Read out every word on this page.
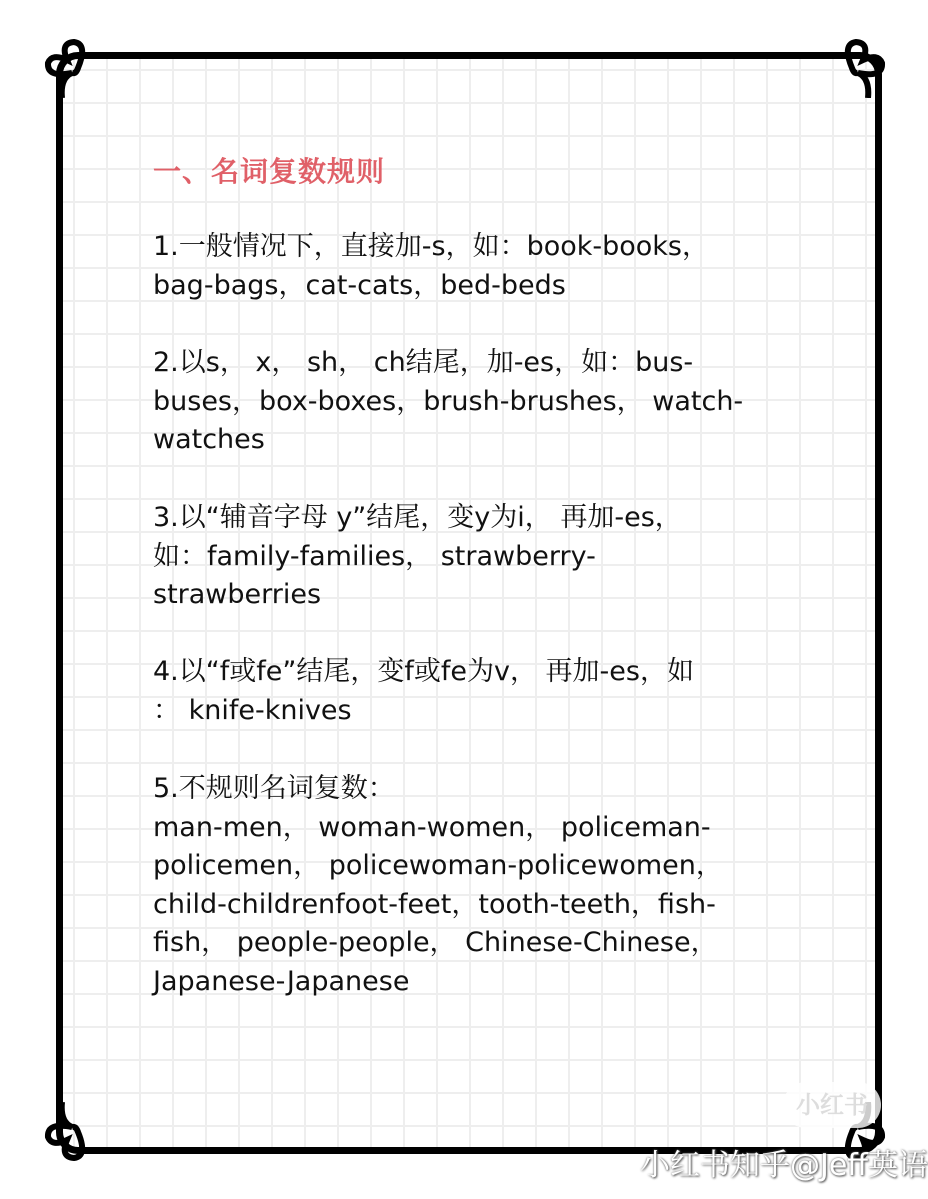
一、名词复数规则
1.一般情况下，直接加-s，如：book-books，
bag-bags，cat-cats，bed-beds
2.以s， x， sh， ch结尾，加-es，如：bus-
buses，box-boxes，brush-brushes， watch-
watches
3.以“辅音字母 y”结尾，变y为i， 再加-es，
如：family-families， strawberry-
strawberries
4.以“f或fe”结尾，变f或fe为v， 再加-es，如
： knife-knives
5.不规则名词复数：
man-men， woman-women， policeman-
policemen， policewoman-policewomen，
child-childrenfoot-feet，tooth-teeth，fish-
fish， people-people， Chinese-Chinese，
Japanese-Japanese
小红书
小红书知乎@Jeff英语
